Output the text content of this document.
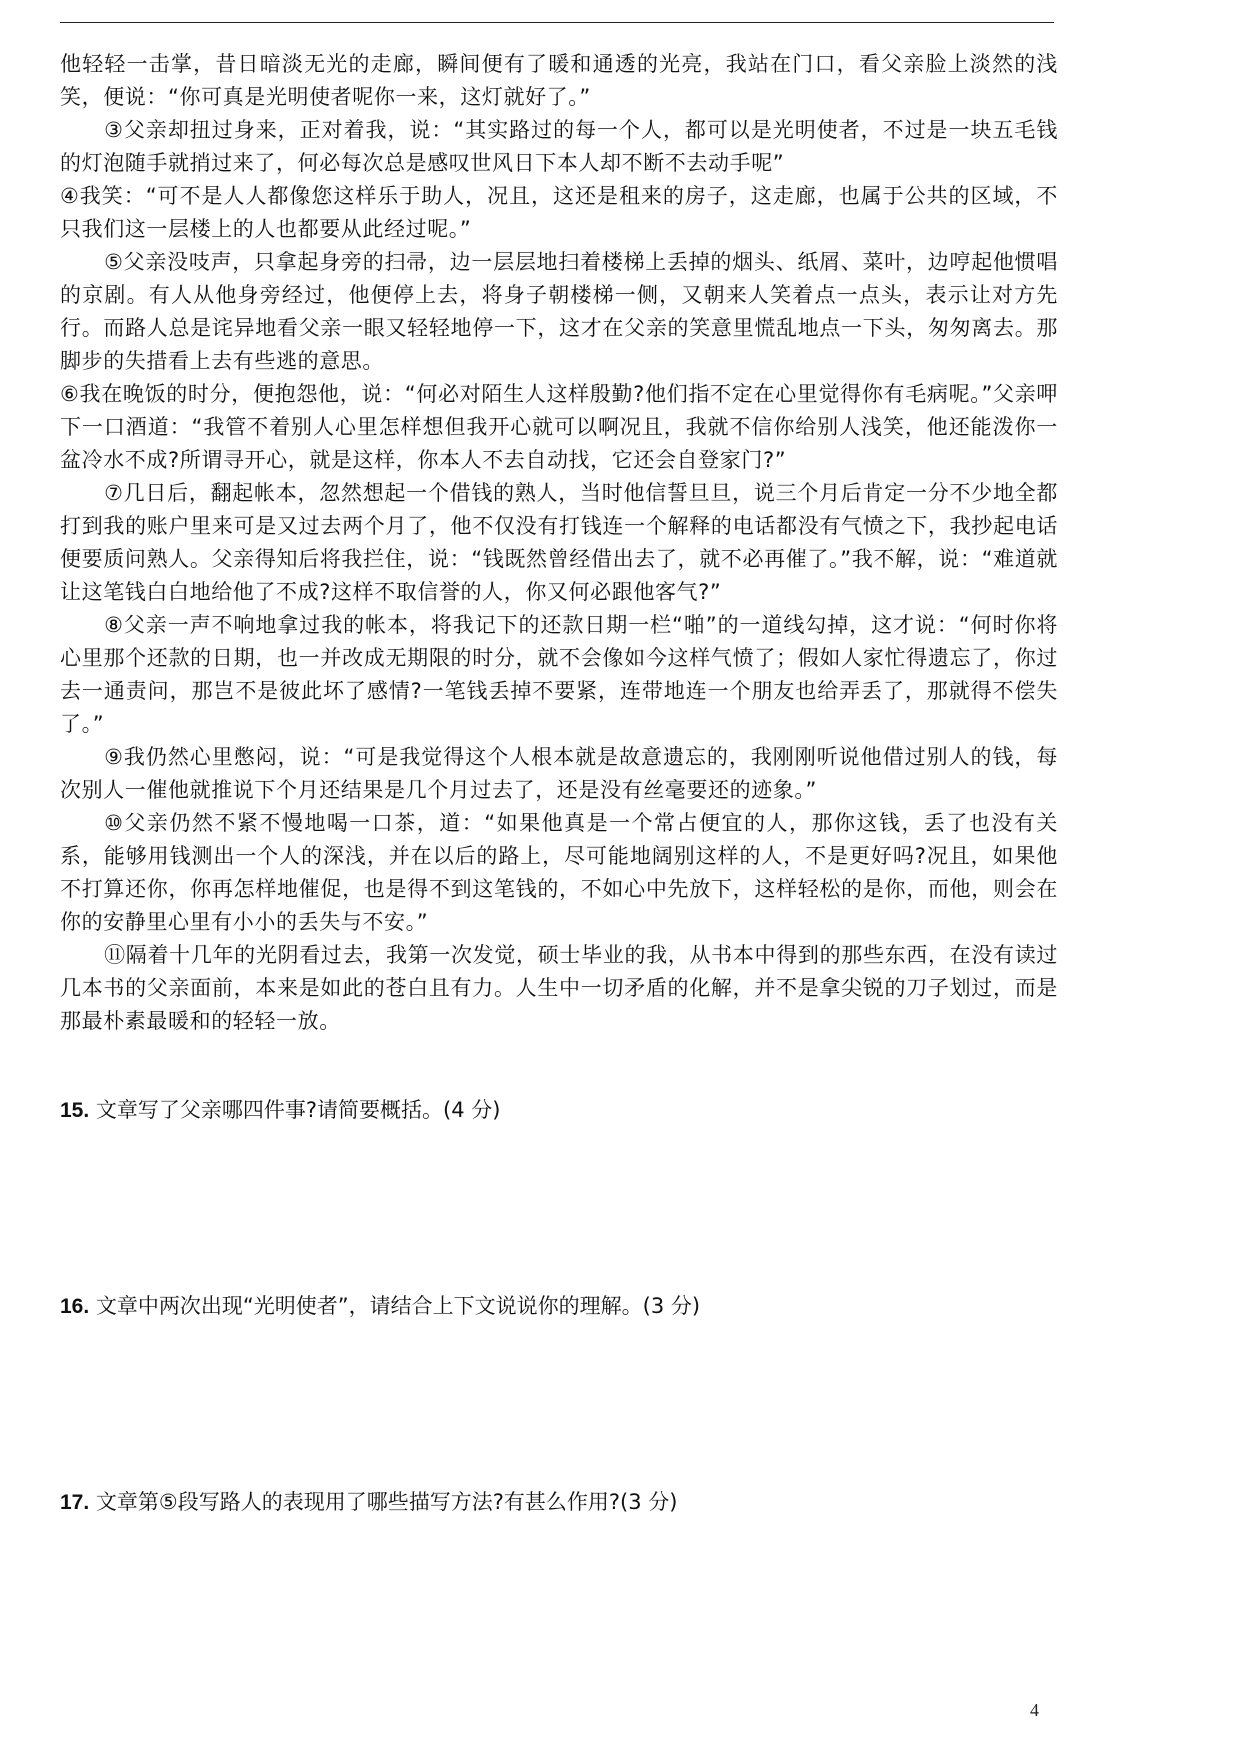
他轻轻一击掌，昔日暗淡无光的走廊，瞬间便有了暖和通透的光亮，我站在门口，看父亲脸上淡然的浅笑，便说：“你可真是光明使者呢你一来，这灯就好了。”

③父亲却扭过身来，正对着我，说：“其实路过的每一个人，都可以是光明使者，不过是一块五毛钱的灯泡随手就捎过来了，何必每次总是感叹世风日下本人却不断不去动手呢”

④我笑：“可不是人人都像您这样乐于助人，况且，这还是租来的房子，这走廊，也属于公共的区域，不只我们这一层楼上的人也都要从此经过呢。”

⑤父亲没吱声，只拿起身旁的扫帚，边一层层地扫着楼梯上丢掉的烟头、纸屑、菜叶，边哼起他惯唱的京剧。有人从他身旁经过，他便停上去，将身子朝楼梯一侧，又朝来人笑着点一点头，表示让对方先行。而路人总是诧异地看父亲一眼又轻轻地停一下，这才在父亲的笑意里慌乱地点一下头，匆匆离去。那脚步的失措看上去有些逃的意思。

⑥我在晚饭的时分，便抱怨他，说：“何必对陌生人这样殷勤?他们指不定在心里觉得你有毛病呢。”父亲呷下一口酒道：“我管不着别人心里怎样想但我开心就可以啊况且，我就不信你给别人浅笑，他还能泼你一盆冷水不成?所谓寻开心，就是这样，你本人不去自动找，它还会自登家门?”

⑦几日后，翻起帐本，忽然想起一个借钱的熟人，当时他信誓旦旦，说三个月后肯定一分不少地全都打到我的账户里来可是又过去两个月了，他不仅没有打钱连一个解释的电话都没有气愤之下，我抄起电话便要质问熟人。父亲得知后将我拦住，说：“钱既然曾经借出去了，就不必再催了。”我不解，说：“难道就让这笔钱白白地给他了不成?这样不取信誉的人，你又何必跟他客气?”

⑧父亲一声不响地拿过我的帐本，将我记下的还款日期一栏“啪”的一道线勾掉，这才说：“何时你将心里那个还款的日期，也一并改成无期限的时分，就不会像如今这样气愤了；假如人家忙得遗忘了，你过去一通责问，那岂不是彼此坏了感情?一笔钱丢掉不要紧，连带地连一个朋友也给弄丢了，那就得不偿失了。”

⑨我仍然心里憋闷，说：“可是我觉得这个人根本就是故意遗忘的，我刚刚听说他借过别人的钱，每次别人一催他就推说下个月还结果是几个月过去了，还是没有丝毫要还的迹象。”

⑩父亲仍然不紧不慢地喝一口茶，道：“如果他真是一个常占便宜的人，那你这钱，丢了也没有关系，能够用钱测出一个人的深浅，并在以后的路上，尽可能地阔别这样的人，不是更好吗?况且，如果他不打算还你，你再怎样地催促，也是得不到这笔钱的，不如心中先放下，这样轻松的是你，而他，则会在你的安静里心里有小小的丢失与不安。”

⑪隔着十几年的光阴看过去，我第一次发觉，硕士毕业的我，从书本中得到的那些东西，在没有读过几本书的父亲面前，本来是如此的苍白且有力。人生中一切矛盾的化解，并不是拿尖锐的刀子划过，而是那最朴素最暖和的轻轻一放。

15. 文章写了父亲哪四件事?请简要概括。(4 分)

16. 文章中两次出现“光明使者”，请结合上下文说说你的理解。(3 分)

17. 文章第⑤段写路人的表现用了哪些描写方法?有甚么作用?(3 分)

4
